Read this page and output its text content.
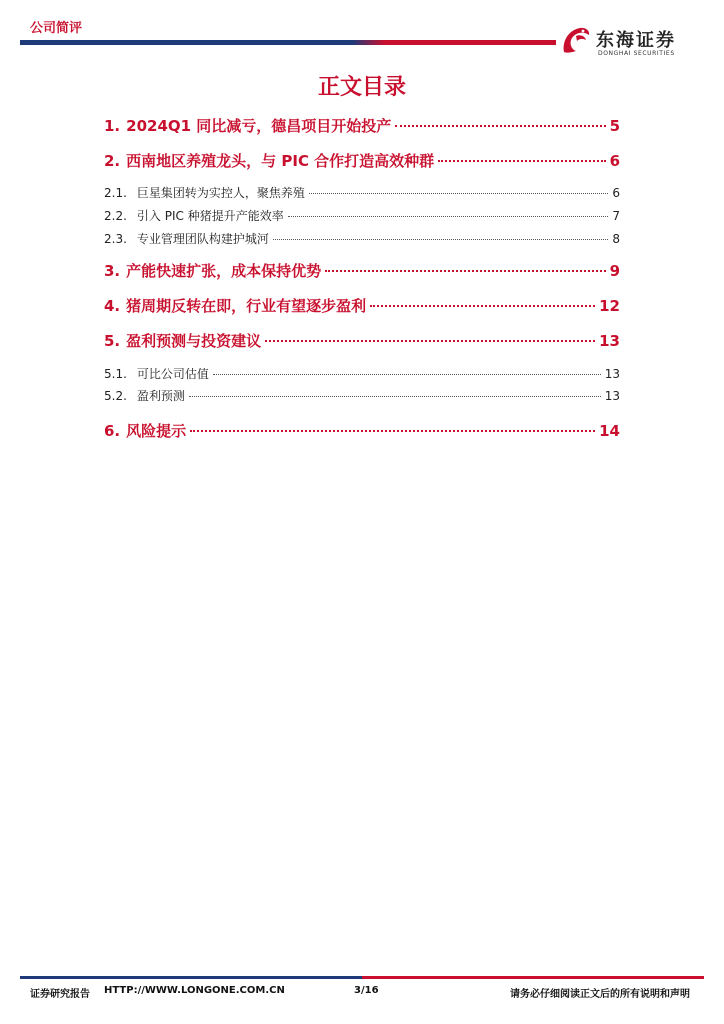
公司简评
东海证券
DONGHAI SECURITIES
正文目录
1. 2024Q1 同比减亏，德昌项目开始投产	5
2. 西南地区养殖龙头，与 PIC 合作打造高效种群	6
2.1. 巨星集团转为实控人，聚焦养殖	6
2.2. 引入 PIC 种猪提升产能效率	7
2.3. 专业管理团队构建护城河	8
3. 产能快速扩张，成本保持优势	9
4. 猪周期反转在即，行业有望逐步盈利	12
5. 盈利预测与投资建议	13
5.1. 可比公司估值	13
5.2. 盈利预测	13
6. 风险提示	14
证券研究报告 HTTP://WWW.LONGONE.COM.CN	3/16	请务必仔细阅读正文后的所有说明和声明
